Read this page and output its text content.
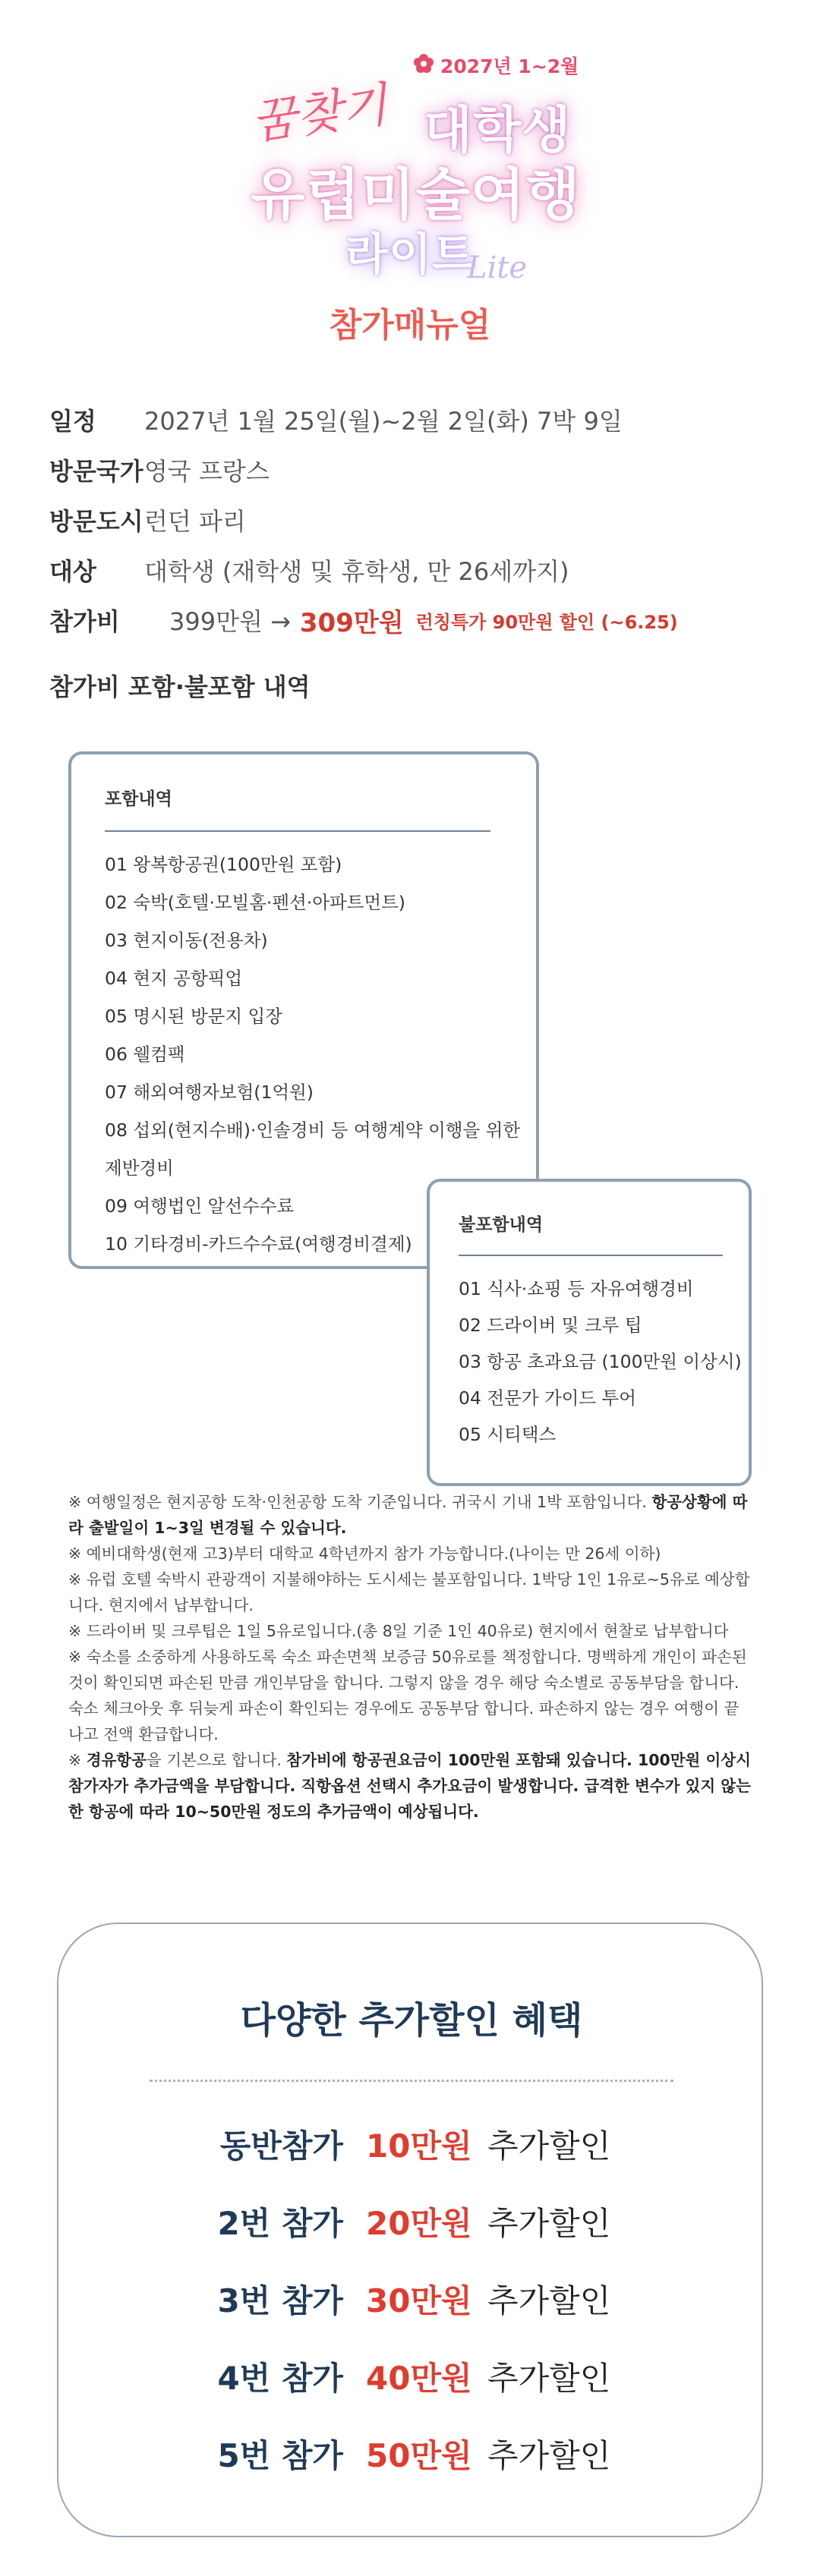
2027년 1~2월
꿈찾기 대학생
유럽미술여행
라이트
Lite
참가매뉴얼
일정	2027년 1월 25일(월)~2월 2일(화) 7박 9일
방문국가 영국 프랑스
방문도시 런던 파리
대상	대학생 (재학생 및 휴학생, 만 26세까지)
참가비	399만원 → 309만원 런칭특가 90만원 할인 (~6.25)
참가비 포함·불포함 내역
포함내역
01 왕복항공권(100만원 포함)
02 숙박(호텔·모빌홈·펜션·아파트먼트)
03 현지이동(전용차)
04 현지 공항픽업
05 명시된 방문지 입장
06 웰컴팩
07 해외여행자보험(1억원)
08 섭외(현지수배)·인솔경비 등 여행계약 이행을 위한
제반경비
09 여행법인 알선수수료
10 기타경비-카드수수료(여행경비결제)
불포함내역
01 식사·쇼핑 등 자유여행경비
02 드라이버 및 크루 팁
03 항공 초과요금 (100만원 이상시)
04 전문가 가이드 투어
05 시티택스

※ 여행일정은 현지공항 도착·인천공항 도착 기준입니다. 귀국시 기내 1박 포함입니다. 항공상황에 따라 출발일이 1~3일 변경될 수 있습니다.

※ 예비대학생(현재 고3)부터 대학교 4학년까지 참가 가능합니다.(나이는 만 26세 이하)

※ 유럽 호텔 숙박시 관광객이 지불해야하는 도시세는 불포함입니다. 1박당 1인 1유로~5유로 예상합니다. 현지에서 납부합니다.

※ 드라이버 및 크루팁은 1일 5유로입니다.(총 8일 기준 1인 40유로) 현지에서 현찰로 납부합니다

※ 숙소를 소중하게 사용하도록 숙소 파손면책 보증금 50유로를 책정합니다. 명백하게 개인이 파손된 것이 확인되면 파손된 만큼 개인부담을 합니다. 그렇지 않을 경우 해당 숙소별로 공동부담을 합니다. 숙소 체크아웃 후 뒤늦게 파손이 확인되는 경우에도 공동부담 합니다. 파손하지 않는 경우 여행이 끝나고 전액 환급합니다.

※ 경유항공을 기본으로 합니다. 참가비에 항공권요금이 100만원 포함돼 있습니다. 100만원 이상시 참가자가 추가금액을 부담합니다. 직항옵션 선택시 추가요금이 발생합니다. 급격한 변수가 있지 않는한 항공에 따라 10~50만원 정도의 추가금액이 예상됩니다.

다양한 추가할인 혜택
동반참가 10만원 추가할인
2번 참가 20만원 추가할인
3번 참가 30만원 추가할인
4번 참가 40만원 추가할인
5번 참가 50만원 추가할인
